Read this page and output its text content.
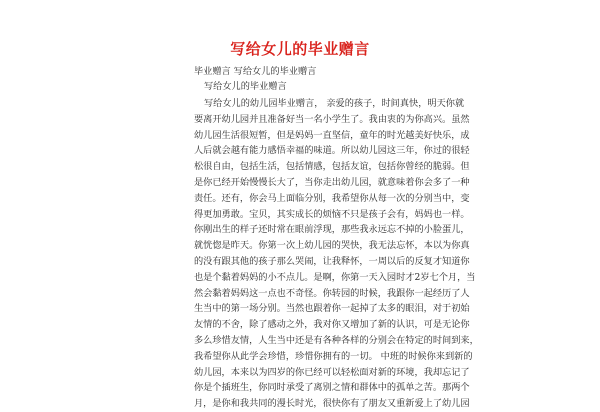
写给女儿的毕业赠言
毕业赠言 写给女儿的毕业赠言
写给女儿的毕业赠言
写给女儿的幼儿园毕业赠言， 亲爱的孩子，时间真快，明天你就
要离开幼儿园并且准备好当一名小学生了。我由衷的为你高兴。虽然
幼儿园生活很短暂，但是妈妈一直坚信，童年的时光越美好快乐，成
人后就会越有能力感悟幸福的味道。所以幼儿园这三年，你过的很轻
松很自由，包括生活，包括情感，包括友谊，包括你曾经的脆弱。但
是你已经开始慢慢长大了，当你走出幼儿园，就意味着你会多了一种
责任。还有，你会马上面临分别，我希望你从每一次的分别当中，变
得更加勇敢。宝贝，其实成长的烦恼不只是孩子会有，妈妈也一样。
你刚出生的样子还时常在眼前浮现，那些我永远忘不掉的小脸蛋儿，
就恍惚是昨天。你第一次上幼儿园的哭快，我无法忘怀，本以为你真
的没有跟其他的孩子那么哭闹，让我释怀，一周以后的反复才知道你
也是个黏着妈妈的小不点儿。是啊，你第一天入园时才2岁七个月，当
然会黏着妈妈这一点也不奇怪。你转园的时候，我跟你一起经历了人
生当中的第一场分别。当然也跟着你一起掉了太多的眼泪，对于初始
友情的不舍，除了感动之外，我对你又增加了新的认识，可是无论你
多么珍惜友情，人生当中还是有各种各样的分别会在特定的时间到来，
我希望你从此学会珍惜，珍惜你拥有的一切。 中班的时候你来到新的
幼儿园，本来以为四岁的你已经可以轻松面对新的环境，我却忘记了
你是个插班生，你同时承受了离别之情和群体中的孤单之苦。那两个
月，是你和我共同的漫长时光，很快你有了朋友又重新爱上了幼儿园
